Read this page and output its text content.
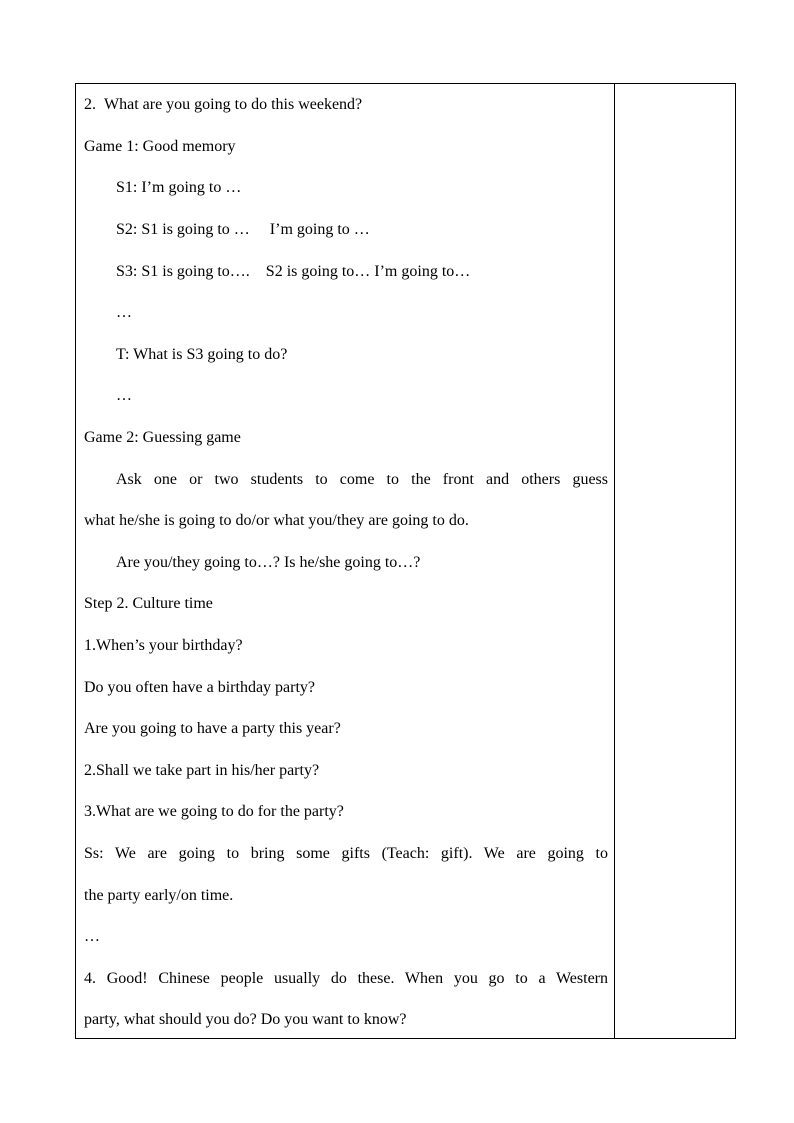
2.  What are you going to do this weekend?
Game 1: Good memory
S1: I’m going to …
S2: S1 is going to …     I’m going to …
S3: S1 is going to….    S2 is going to… I’m going to…
…
T: What is S3 going to do?
…
Game 2: Guessing game
Ask one or two students to come to the front and others guess
what he/she is going to do/or what you/they are going to do.
Are you/they going to…? Is he/she going to…?
Step 2. Culture time
1.When’s your birthday?
Do you often have a birthday party?
Are you going to have a party this year?
2.Shall we take part in his/her party?
3.What are we going to do for the party?
Ss: We are going to bring some gifts (Teach: gift). We are going to
the party early/on time.
…
4. Good! Chinese people usually do these. When you go to a Western
party, what should you do? Do you want to know?
